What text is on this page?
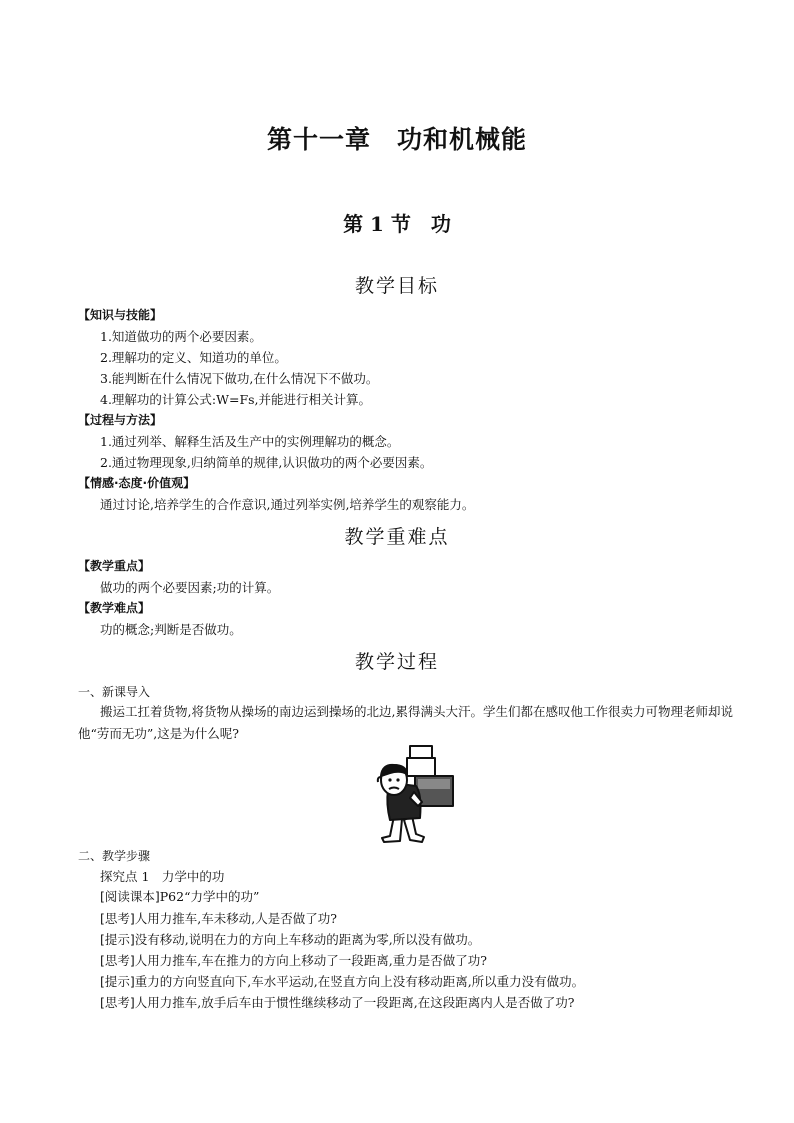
第十一章　功和机械能
第 1 节　功
教学目标
【知识与技能】
1.知道做功的两个必要因素。
2.理解功的定义、知道功的单位。
3.能判断在什么情况下做功,在什么情况下不做功。
4.理解功的计算公式:W=Fs,并能进行相关计算。
【过程与方法】
1.通过列举、解释生活及生产中的实例理解功的概念。
2.通过物理现象,归纳简单的规律,认识做功的两个必要因素。
【情感·态度·价值观】
通过讨论,培养学生的合作意识,通过列举实例,培养学生的观察能力。
教学重难点
【教学重点】
做功的两个必要因素;功的计算。
【教学难点】
功的概念;判断是否做功。
教学过程
一、新课导入
搬运工扛着货物,将货物从操场的南边运到操场的北边,累得满头大汗。学生们都在感叹他工作很卖力可物理老师却说他“劳而无功”,这是为什么呢?
二、教学步骤
探究点 1　力学中的功
[阅读课本]P62“力学中的功”
[思考]人用力推车,车未移动,人是否做了功?
[提示]没有移动,说明在力的方向上车移动的距离为零,所以没有做功。
[思考]人用力推车,车在推力的方向上移动了一段距离,重力是否做了功?
[提示]重力的方向竖直向下,车水平运动,在竖直方向上没有移动距离,所以重力没有做功。
[思考]人用力推车,放手后车由于惯性继续移动了一段距离,在这段距离内人是否做了功?
